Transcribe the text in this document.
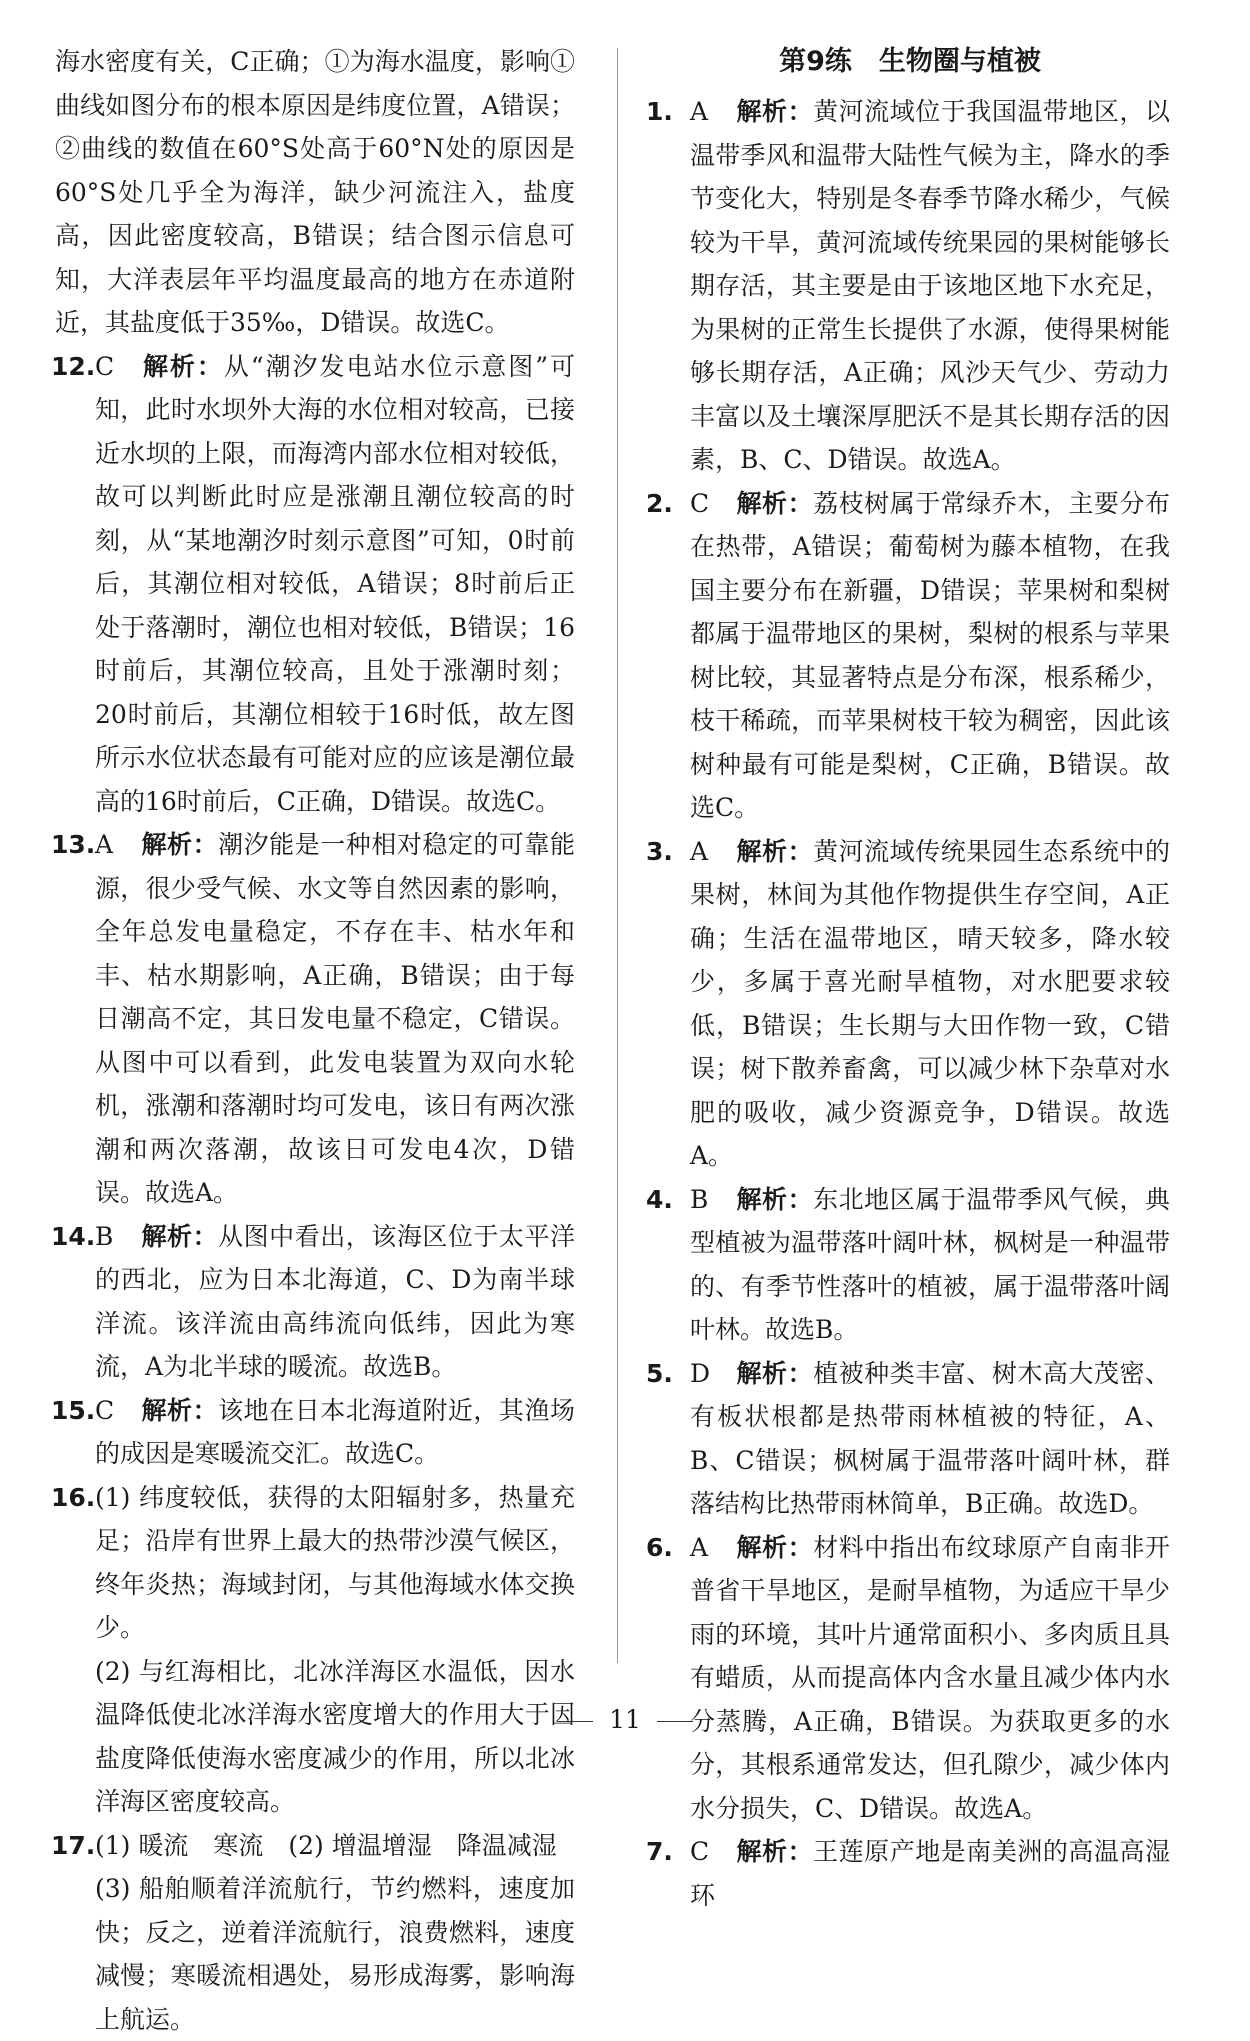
海水密度有关，C正确；①为海水温度，影响①曲线如图分布的根本原因是纬度位置，A错误；②曲线的数值在60°S处高于60°N处的原因是60°S处几乎全为海洋，缺少河流注入，盐度高，因此密度较高，B错误；结合图示信息可知，大洋表层年平均温度最高的地方在赤道附近，其盐度低于35‰，D错误。故选C。

12. C 解析：从“潮汐发电站水位示意图”可知，此时水坝外大海的水位相对较高，已接近水坝的上限，而海湾内部水位相对较低，故可以判断此时应是涨潮且潮位较高的时刻，从“某地潮汐时刻示意图”可知，0时前后，其潮位相对较低，A错误；8时前后正处于落潮时，潮位也相对较低，B错误；16时前后，其潮位较高，且处于涨潮时刻；20时前后，其潮位相较于16时低，故左图所示水位状态最有可能对应的应该是潮位最高的16时前后，C正确，D错误。故选C。
13. A 解析：潮汐能是一种相对稳定的可靠能源，很少受气候、水文等自然因素的影响，全年总发电量稳定，不存在丰、枯水年和丰、枯水期影响，A正确，B错误；由于每日潮高不定，其日发电量不稳定，C错误。从图中可以看到，此发电装置为双向水轮机，涨潮和落潮时均可发电，该日有两次涨潮和两次落潮，故该日可发电4次，D错误。故选A。
14. B 解析：从图中看出，该海区位于太平洋的西北，应为日本北海道，C、D为南半球洋流。该洋流由高纬流向低纬，因此为寒流，A为北半球的暖流。故选B。
15. C 解析：该地在日本北海道附近，其渔场的成因是寒暖流交汇。故选C。
16. (1) 纬度较低，获得的太阳辐射多，热量充足；沿岸有世界上最大的热带沙漠气候区，终年炎热；海域封闭，与其他海域水体交换少。
(2) 与红海相比，北冰洋海区水温低，因水温降低使北冰洋海水密度增大的作用大于因盐度降低使海水密度减少的作用，所以北冰洋海区密度较高。
17. (1) 暖流　寒流　(2) 增温增湿　降温减湿
(3) 船舶顺着洋流航行，节约燃料，速度加快；反之，逆着洋流航行，浪费燃料，速度减慢；寒暖流相遇处，易形成海雾，影响海上航运。
第9练　生物圈与植被
1. A 解析：黄河流域位于我国温带地区，以温带季风和温带大陆性气候为主，降水的季节变化大，特别是冬春季节降水稀少，气候较为干旱，黄河流域传统果园的果树能够长期存活，其主要是由于该地区地下水充足，为果树的正常生长提供了水源，使得果树能够长期存活，A正确；风沙天气少、劳动力丰富以及土壤深厚肥沃不是其长期存活的因素，B、C、D错误。故选A。
2. C 解析：荔枝树属于常绿乔木，主要分布在热带，A错误；葡萄树为藤本植物，在我国主要分布在新疆，D错误；苹果树和梨树都属于温带地区的果树，梨树的根系与苹果树比较，其显著特点是分布深，根系稀少，枝干稀疏，而苹果树枝干较为稠密，因此该树种最有可能是梨树，C正确，B错误。故选C。
3. A 解析：黄河流域传统果园生态系统中的果树，林间为其他作物提供生存空间，A正确；生活在温带地区，晴天较多，降水较少，多属于喜光耐旱植物，对水肥要求较低，B错误；生长期与大田作物一致，C错误；树下散养畜禽，可以减少林下杂草对水肥的吸收，减少资源竞争，D错误。故选A。
4. B 解析：东北地区属于温带季风气候，典型植被为温带落叶阔叶林，枫树是一种温带的、有季节性落叶的植被，属于温带落叶阔叶林。故选B。
5. D 解析：植被种类丰富、树木高大茂密、有板状根都是热带雨林植被的特征，A、B、C错误；枫树属于温带落叶阔叶林，群落结构比热带雨林简单，B正确。故选D。
6. A 解析：材料中指出布纹球原产自南非开普省干旱地区，是耐旱植物，为适应干旱少雨的环境，其叶片通常面积小、多肉质且具有蜡质，从而提高体内含水量且减少体内水分蒸腾，A正确，B错误。为获取更多的水分，其根系通常发达，但孔隙少，减少体内水分损失，C、D错误。故选A。
7. C 解析：王莲原产地是南美洲的高温高湿环
11
